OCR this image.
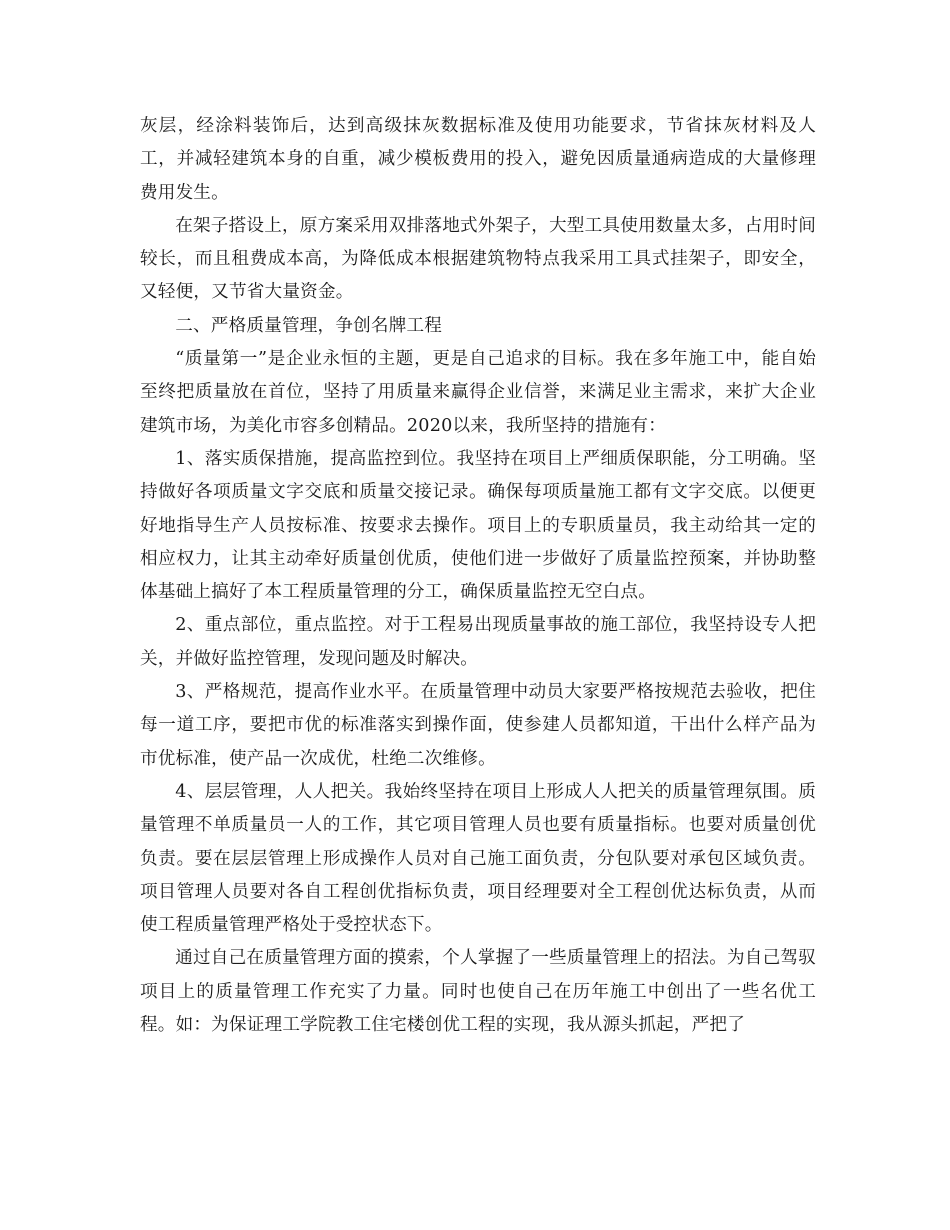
灰层，经涂料装饰后，达到高级抹灰数据标准及使用功能要求，节省抹灰材料及人工，并减轻建筑本身的自重，减少模板费用的投入，避免因质量通病造成的大量修理费用发生。

在架子搭设上，原方案采用双排落地式外架子，大型工具使用数量太多，占用时间较长，而且租费成本高，为降低成本根据建筑物特点我采用工具式挂架子，即安全，又轻便，又节省大量资金。

二、严格质量管理，争创名牌工程

“质量第一”是企业永恒的主题，更是自己追求的目标。我在多年施工中，能自始至终把质量放在首位，坚持了用质量来赢得企业信誉，来满足业主需求，来扩大企业建筑市场，为美化市容多创精品。2020以来，我所坚持的措施有：

1、落实质保措施，提高监控到位。我坚持在项目上严细质保职能，分工明确。坚持做好各项质量文字交底和质量交接记录。确保每项质量施工都有文字交底。以便更好地指导生产人员按标准、按要求去操作。项目上的专职质量员，我主动给其一定的相应权力，让其主动牵好质量创优质，使他们进一步做好了质量监控预案，并协助整体基础上搞好了本工程质量管理的分工，确保质量监控无空白点。

2、重点部位，重点监控。对于工程易出现质量事故的施工部位，我坚持设专人把关，并做好监控管理，发现问题及时解决。

3、严格规范，提高作业水平。在质量管理中动员大家要严格按规范去验收，把住每一道工序，要把市优的标准落实到操作面，使参建人员都知道，干出什么样产品为市优标准，使产品一次成优，杜绝二次维修。

4、层层管理，人人把关。我始终坚持在项目上形成人人把关的质量管理氛围。质量管理不单质量员一人的工作，其它项目管理人员也要有质量指标。也要对质量创优负责。要在层层管理上形成操作人员对自己施工面负责，分包队要对承包区域负责。项目管理人员要对各自工程创优指标负责，项目经理要对全工程创优达标负责，从而使工程质量管理严格处于受控状态下。

通过自己在质量管理方面的摸索，个人掌握了一些质量管理上的招法。为自己驾驭项目上的质量管理工作充实了力量。同时也使自己在历年施工中创出了一些名优工程。如：为保证理工学院教工住宅楼创优工程的实现，我从源头抓起，严把了
